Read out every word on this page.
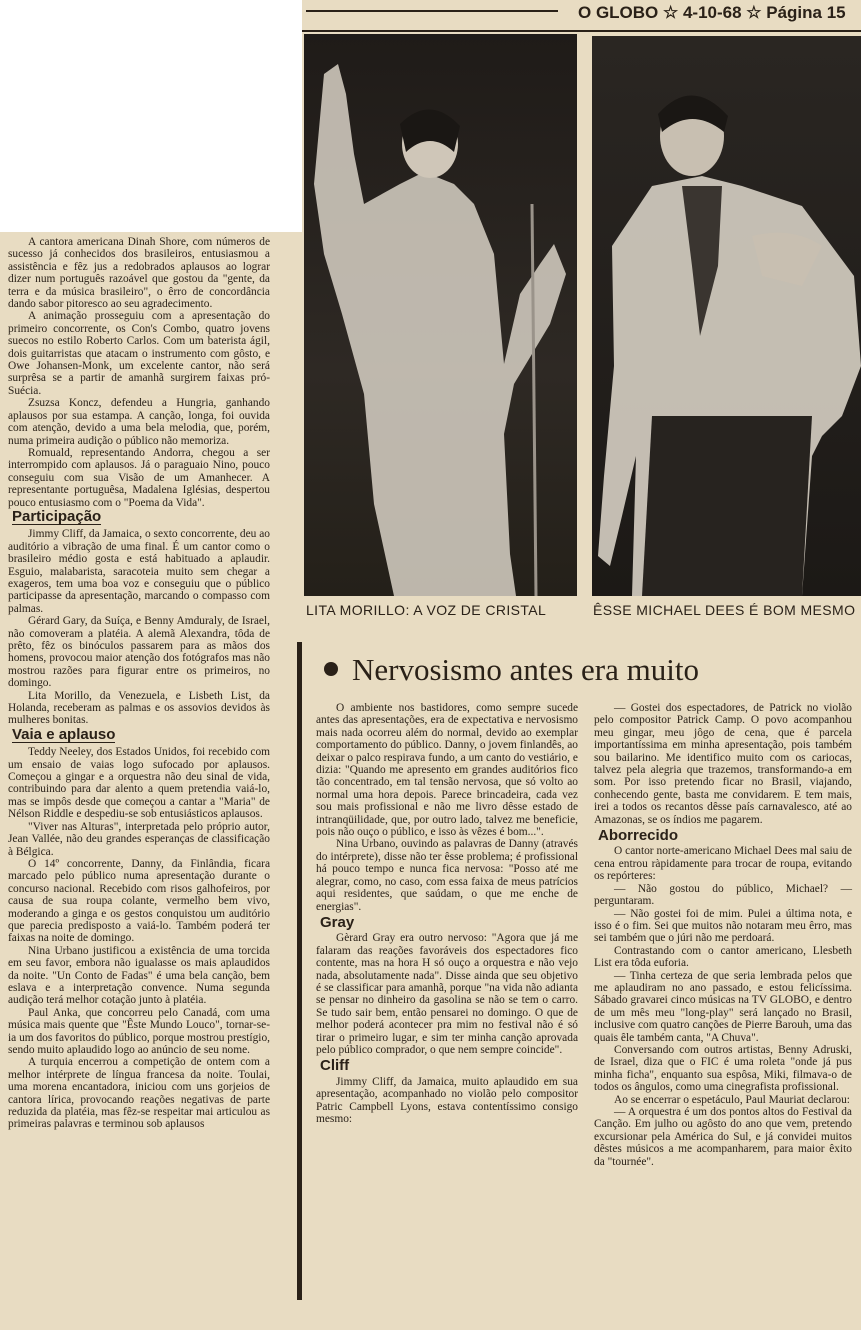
O GLOBO ☆ 4-10-68 ☆ Página 15
LITA MORILLO: A VOZ DE CRISTAL	ÊSSE MICHAEL DEES É BOM MESMO

A cantora americana Dinah Shore, com números de sucesso já conhecidos dos brasileiros, entusiasmou a assistência e fêz jus a redobrados aplausos ao lograr dizer num português razoável que gostou da "gente, da terra e da música brasileiro", o êrro de concordância dando sabor pitoresco ao seu agradecimento.

A animação prosseguiu com a apresentação do primeiro concorrente, os Con's Combo, quatro jovens suecos no estilo Roberto Carlos. Com um baterista ágil, dois guitarristas que atacam o instrumento com gôsto, e Owe Johansen-Monk, um excelente cantor, não será surprêsa se a partir de amanhã surgirem faixas pró-Suécia.

Zsuzsa Koncz, defendeu a Hungria, ganhando aplausos por sua estampa. A canção, longa, foi ouvida com atenção, devido a uma bela melodia, que, porém, numa primeira audição o público não memoriza.

Romuald, representando Andorra, chegou a ser interrompido com aplausos. Já o paraguaio Nino, pouco conseguiu com sua Visão de um Amanhecer. A representante portuguêsa, Madalena Iglésias, despertou pouco entusiasmo com o "Poema da Vida".

Participação

Jimmy Cliff, da Jamaica, o sexto concorrente, deu ao auditório a vibração de uma final. É um cantor como o brasileiro médio gosta e está habituado a aplaudir. Esguio, malabarista, saracoteia muito sem chegar a exageros, tem uma boa voz e conseguiu que o público participasse da apresentação, marcando o compasso com palmas.

Gérard Gary, da Suíça, e Benny Amduraly, de Israel, não comoveram a platéia. A alemã Alexandra, tôda de prêto, fêz os binóculos passarem para as mãos dos homens, provocou maior atenção dos fotógrafos mas não mostrou razões para figurar entre os primeiros, no domingo.

Lita Morillo, da Venezuela, e Lisbeth List, da Holanda, receberam as palmas e os assovios devidos às mulheres bonitas.

Vaia e aplauso

Teddy Neeley, dos Estados Unidos, foi recebido com um ensaio de vaias logo sufocado por aplausos. Começou a gingar e a orquestra não deu sinal de vida, contribuindo para dar alento a quem pretendia vaiá-lo, mas se impôs desde que começou a cantar a "Maria" de Nélson Riddle e despediu-se sob entusiásticos aplausos.

"Viver nas Alturas", interpretada pelo próprio autor, Jean Vallée, não deu grandes esperanças de classificação à Bélgica.

O 14º concorrente, Danny, da Finlândia, ficara marcado pelo público numa apresentação durante o concurso nacional. Recebido com risos galhofeiros, por causa de sua roupa colante, vermelho bem vivo, moderando a ginga e os gestos conquistou um auditório que parecia predisposto a vaiá-lo. Também poderá ter faixas na noite de domingo.

Nina Urbano justificou a existência de uma torcida em seu favor, embora não igualasse os mais aplaudidos da noite. "Un Conto de Fadas" é uma bela canção, bem eslava e a interpretação convence. Numa segunda audição terá melhor cotação junto à platéia.

Paul Anka, que concorreu pelo Canadá, com uma música mais quente que "Êste Mundo Louco", tornar-se-ia um dos favoritos do público, porque mostrou prestígio, sendo muito aplaudido logo ao anúncio de seu nome.

A turquia encerrou a competição de ontem com a melhor intérprete de língua francesa da noite. Toulai, uma morena encantadora, iniciou com uns gorjeios de cantora lírica, provocando reações negativas de parte reduzida da platéia, mas fêz-se respeitar mai articulou as primeiras palavras e terminou sob aplausos

Nervosismo antes era muito

O ambiente nos bastidores, como sempre sucede antes das apresentações, era de expectativa e nervosismo mais nada ocorreu além do normal, devido ao exemplar comportamento do público. Danny, o jovem finlandês, ao deixar o palco respirava fundo, a um canto do vestiário, e dizia: "Quando me apresento em grandes auditórios fico tão concentrado, em tal tensão nervosa, que só volto ao normal uma hora depois. Parece brincadeira, cada vez sou mais profissional e não me livro dêsse estado de intranqüilidade, que, por outro lado, talvez me beneficie, pois não ouço o público, e isso às vêzes é bom...".

Nina Urbano, ouvindo as palavras de Danny (através do intérprete), disse não ter êsse problema; é profissional há pouco tempo e nunca fica nervosa: "Posso até me alegrar, como, no caso, com essa faixa de meus patrícios aqui residentes, que saúdam, o que me enche de energias".

Gray

Gèrard Gray era outro nervoso: "Agora que já me falaram das reações favoráveis dos espectadores fico contente, mas na hora H só ouço a orquestra e não vejo nada, absolutamente nada". Disse ainda que seu objetivo é se classificar para amanhã, porque "na vida não adianta se pensar no dinheiro da gasolina se não se tem o carro. Se tudo sair bem, então pensarei no domingo. O que de melhor poderá acontecer pra mim no festival não é só tirar o primeiro lugar, e sim ter minha canção aprovada pelo público comprador, o que nem sempre coincide".

Cliff

Jimmy Cliff, da Jamaica, muito aplaudido em sua apresentação, acompanhado no violão pelo compositor Patric Campbell Lyons, estava contentíssimo consigo mesmo:

— Gostei dos espectadores, de Patrick no violão pelo compositor Patrick Camp. O povo acompanhou meu gingar, meu jôgo de cena, que é parcela importantíssima em minha apresentação, pois também sou bailarino. Me identifico muito com os cariocas, talvez pela alegria que trazemos, transformando-a em som. Por isso pretendo ficar no Brasil, viajando, conhecendo gente, basta me convidarem. E tem mais, irei a todos os recantos dêsse país carnavalesco, até ao Amazonas, se os índios me pagarem.

Aborrecido

O cantor norte-americano Michael Dees mal saiu de cena entrou ràpidamente para trocar de roupa, evitando os repórteres:

— Não gostou do público, Michael? — perguntaram.

— Não gostei foi de mim. Pulei a última nota, e isso é o fim. Sei que muitos não notaram meu êrro, mas sei também que o júri não me perdoará.

Contrastando com o cantor americano, Llesbeth List era tôda euforia.

— Tinha certeza de que seria lembrada pelos que me aplaudiram no ano passado, e estou felicíssima. Sábado gravarei cinco músicas na TV GLOBO, e dentro de um mês meu "long-play" será lançado no Brasil, inclusive com quatro canções de Pierre Barouh, uma das quais êle também canta, "A Chuva".

Conversando com outros artistas, Benny Adruski, de Israel, diza que o FIC é uma roleta "onde já pus minha ficha", enquanto sua espôsa, Miki, filmava-o de todos os ângulos, como uma cinegrafista profissional.

Ao se encerrar o espetáculo, Paul Mauriat declarou:

— A orquestra é um dos pontos altos do Festival da Canção. Em julho ou agôsto do ano que vem, pretendo excursionar pela América do Sul, e já convidei muitos dêstes músicos a me acompanharem, para maior êxito da "tournée".
